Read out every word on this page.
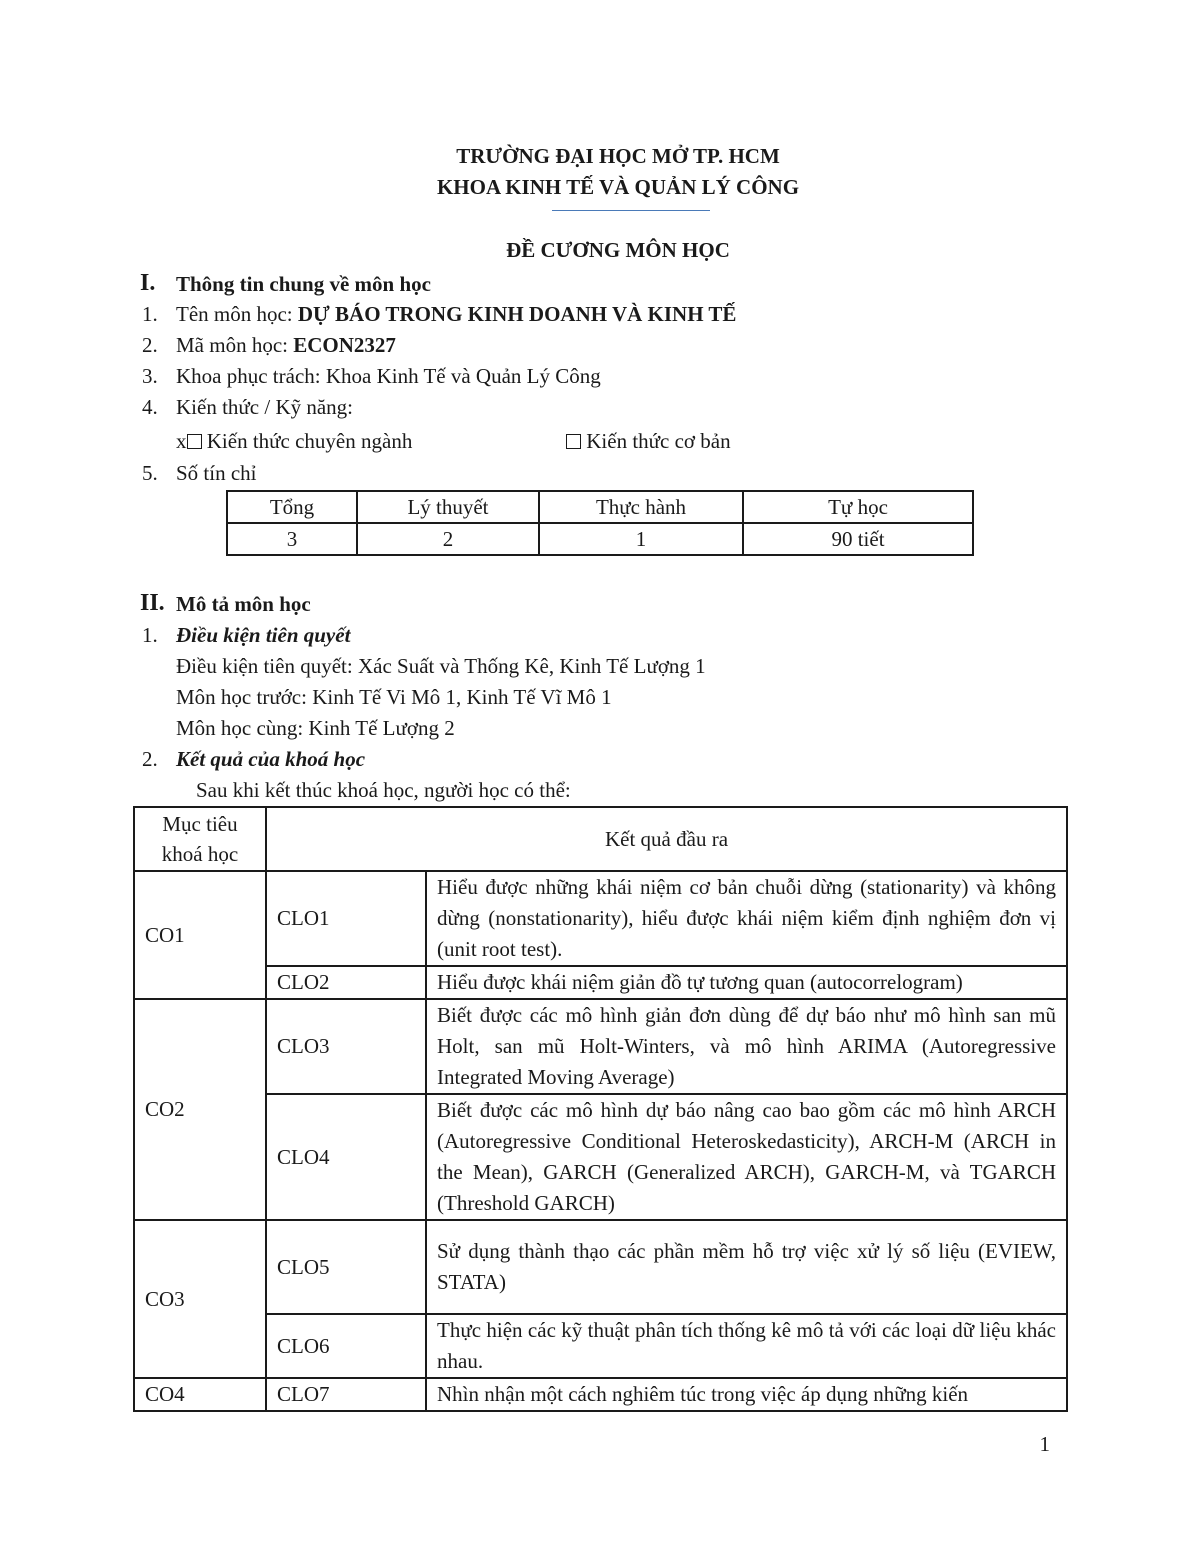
TRƯỜNG ĐẠI HỌC MỞ TP. HCM
KHOA KINH TẾ VÀ QUẢN LÝ CÔNG
ĐỀ CƯƠNG MÔN HỌC
I. Thông tin chung về môn học
1. Tên môn học: DỰ BÁO TRONG KINH DOANH VÀ KINH TẾ
2. Mã môn học: ECON2327
3. Khoa phục trách: Khoa Kinh Tế và Quản Lý Công
4. Kiến thức / Kỹ năng:
x Kiến thức chuyên ngành	Kiến thức cơ bản
5. Số tín chỉ
Tổng	Lý thuyết	Thực hành	Tự học
3	2	1	90 tiết
II. Mô tả môn học
1. Điều kiện tiên quyết
Điều kiện tiên quyết: Xác Suất và Thống Kê, Kinh Tế Lượng 1
Môn học trước: Kinh Tế Vi Mô 1, Kinh Tế Vĩ Mô 1
Môn học cùng: Kinh Tế Lượng 2
2. Kết quả của khoá học
Sau khi kết thúc khoá học, người học có thể:
Mục tiêu
khoá học	Kết quả đầu ra	
CO1	CLO1	Hiểu được những khái niệm cơ bản chuỗi dừng (stationarity) và không dừng (nonstationarity), hiểu được khái niệm kiểm định nghiệm đơn vị (unit root test).
	CLO2	Hiểu được khái niệm giản đồ tự tương quan (autocorrelogram)
CO2	CLO3	Biết được các mô hình giản đơn dùng để dự báo như mô hình san mũ Holt, san mũ Holt-Winters, và mô hình ARIMA (Autoregressive Integrated Moving Average)
	CLO4	Biết được các mô hình dự báo nâng cao bao gồm các mô hình ARCH (Autoregressive Conditional Heteroskedasticity), ARCH-M (ARCH in the Mean), GARCH (Generalized ARCH), GARCH-M, và TGARCH (Threshold GARCH)
CO3	CLO5	Sử dụng thành thạo các phần mềm hỗ trợ việc xử lý số liệu (EVIEW, STATA)
	CLO6	Thực hiện các kỹ thuật phân tích thống kê mô tả với các loại dữ liệu khác nhau.
CO4	CLO7	Nhìn nhận một cách nghiêm túc trong việc áp dụng những kiến
1
